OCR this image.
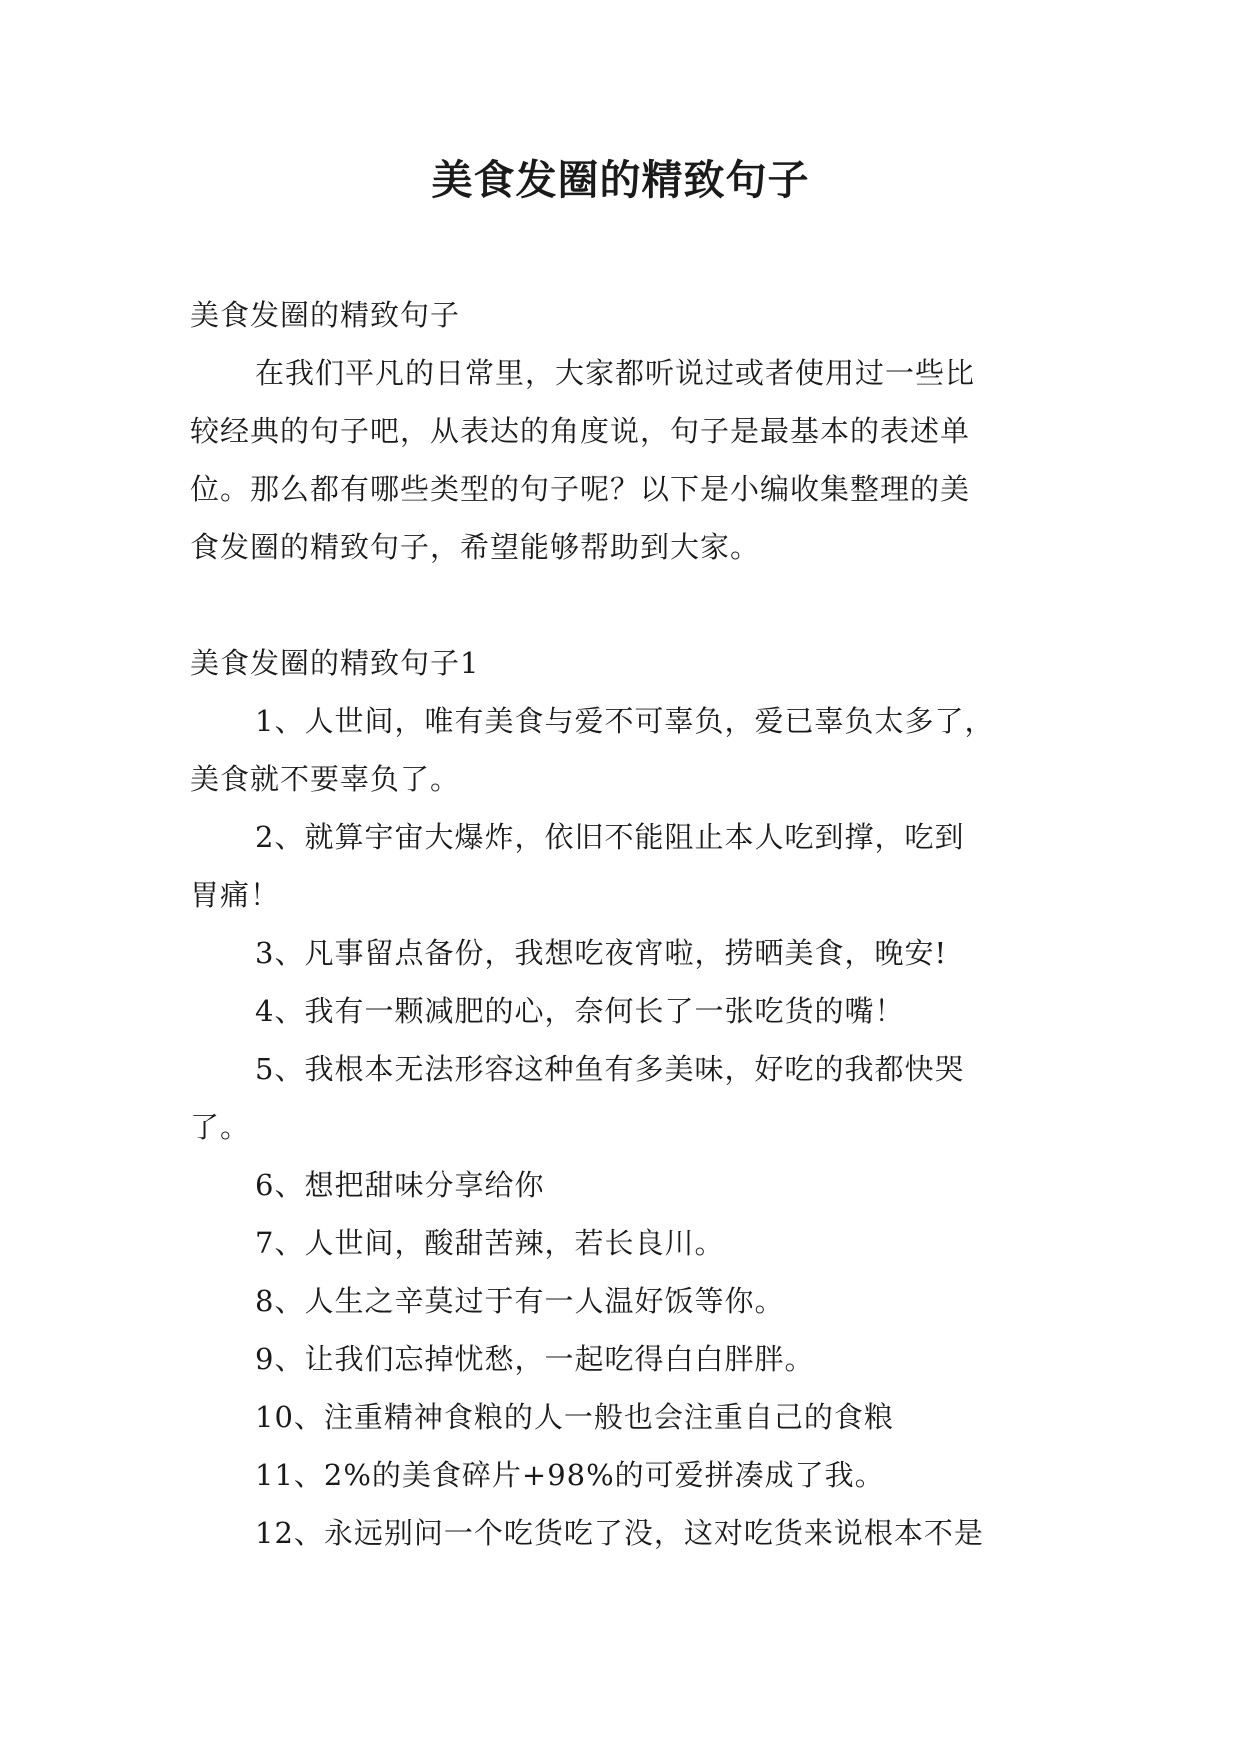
美食发圈的精致句子
美食发圈的精致句子
在我们平凡的日常里，大家都听说过或者使用过一些比
较经典的句子吧，从表达的角度说，句子是最基本的表述单
位。那么都有哪些类型的句子呢？以下是小编收集整理的美
食发圈的精致句子，希望能够帮助到大家。
美食发圈的精致句子1
1、人世间，唯有美食与爱不可辜负，爱已辜负太多了，
美食就不要辜负了。
2、就算宇宙大爆炸，依旧不能阻止本人吃到撑，吃到
胃痛！
3、凡事留点备份，我想吃夜宵啦，捞晒美食，晚安!
4、我有一颗减肥的心，奈何长了一张吃货的嘴！
5、我根本无法形容这种鱼有多美味，好吃的我都快哭
了。
6、想把甜味分享给你
7、人世间，酸甜苦辣，若长良川。
8、人生之辛莫过于有一人温好饭等你。
9、让我们忘掉忧愁，一起吃得白白胖胖。
10、注重精神食粮的人一般也会注重自己的食粮
11、2%的美食碎片+98%的可爱拼凑成了我。
12、永远别问一个吃货吃了没，这对吃货来说根本不是
